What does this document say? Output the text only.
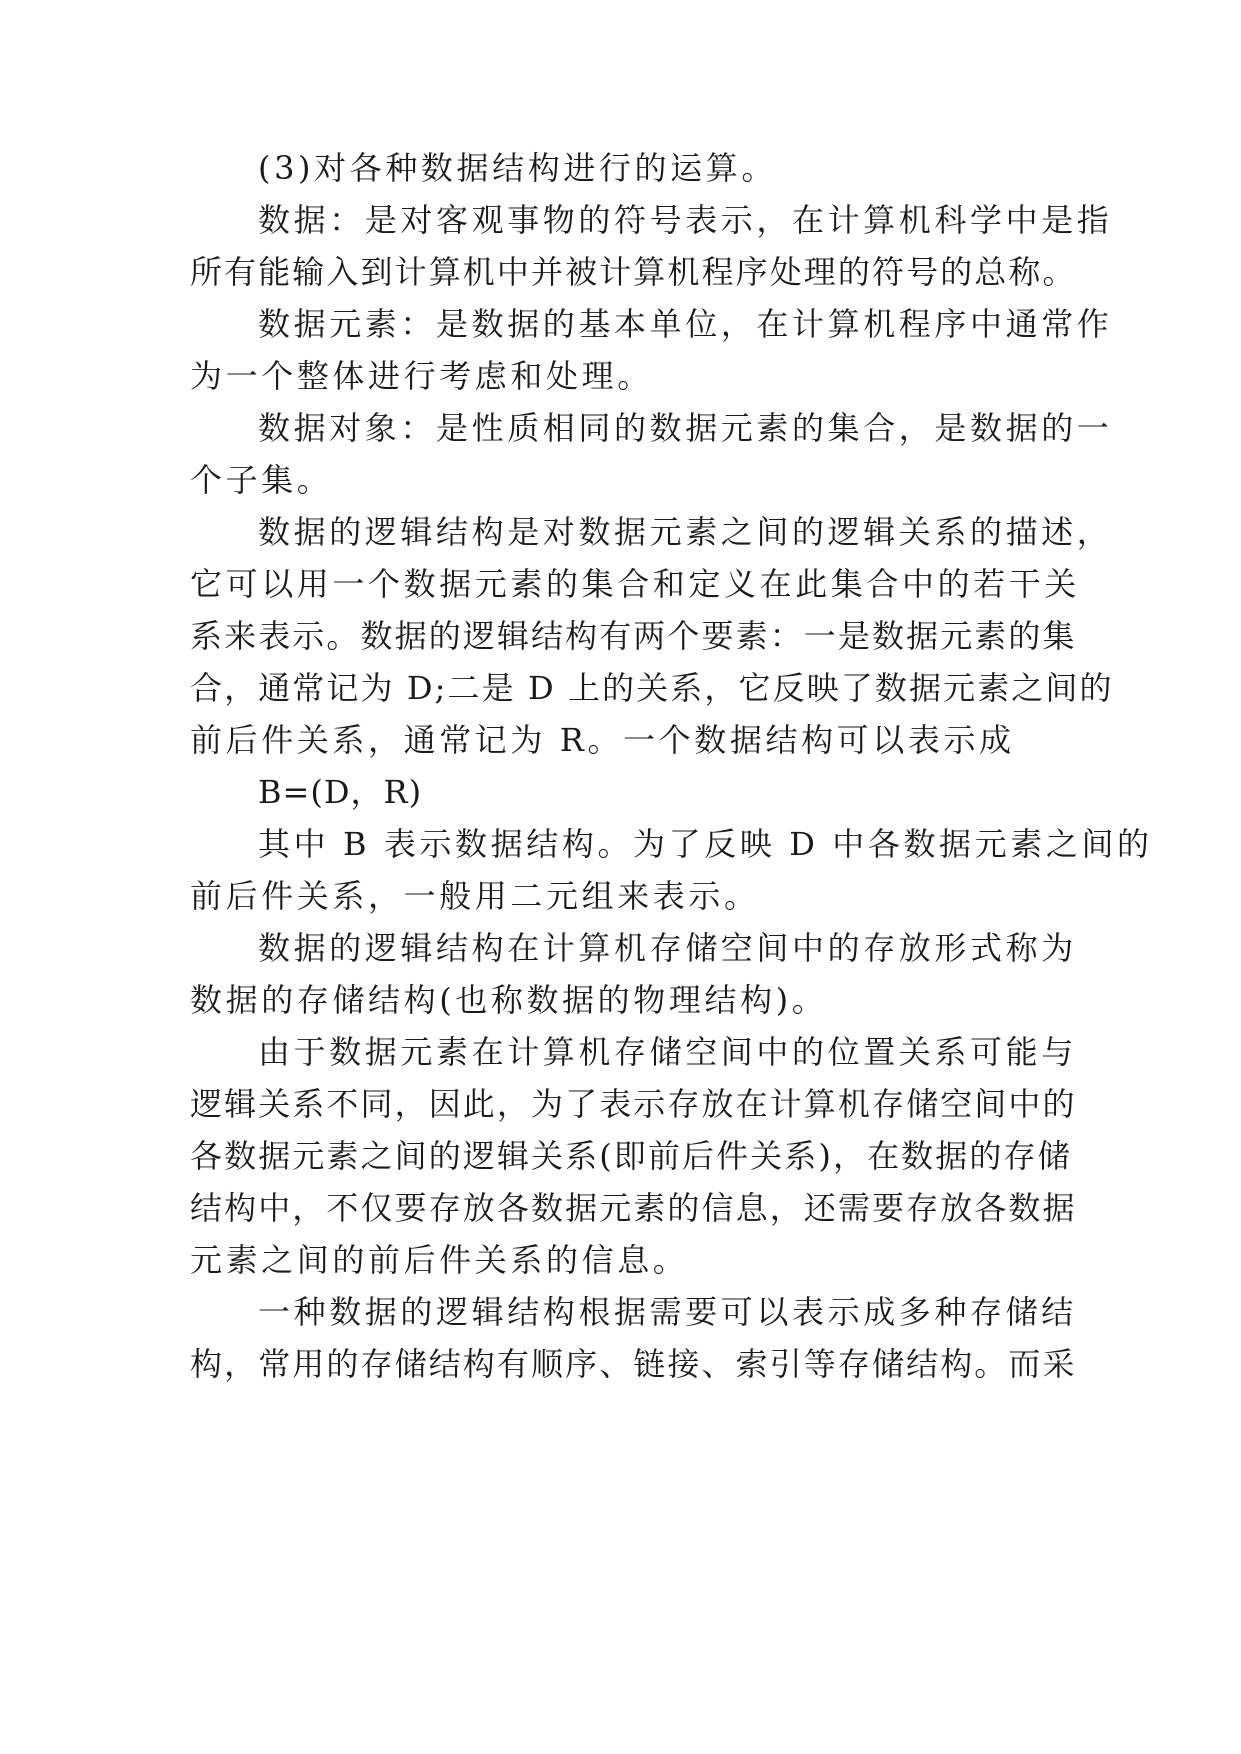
(3)对各种数据结构进行的运算。
数据：是对客观事物的符号表示，在计算机科学中是指
所有能输入到计算机中并被计算机程序处理的符号的总称。
数据元素：是数据的基本单位，在计算机程序中通常作
为一个整体进行考虑和处理。
数据对象：是性质相同的数据元素的集合，是数据的一
个子集。
数据的逻辑结构是对数据元素之间的逻辑关系的描述，
它可以用一个数据元素的集合和定义在此集合中的若干关
系来表示。数据的逻辑结构有两个要素：一是数据元素的集
合，通常记为 D;二是 D 上的关系，它反映了数据元素之间的
前后件关系，通常记为 R。一个数据结构可以表示成
B=(D，R)
其中 B 表示数据结构。为了反映 D 中各数据元素之间的
前后件关系，一般用二元组来表示。
数据的逻辑结构在计算机存储空间中的存放形式称为
数据的存储结构(也称数据的物理结构)。
由于数据元素在计算机存储空间中的位置关系可能与
逻辑关系不同，因此，为了表示存放在计算机存储空间中的
各数据元素之间的逻辑关系(即前后件关系)，在数据的存储
结构中，不仅要存放各数据元素的信息，还需要存放各数据
元素之间的前后件关系的信息。
一种数据的逻辑结构根据需要可以表示成多种存储结
构，常用的存储结构有顺序、链接、索引等存储结构。而采
